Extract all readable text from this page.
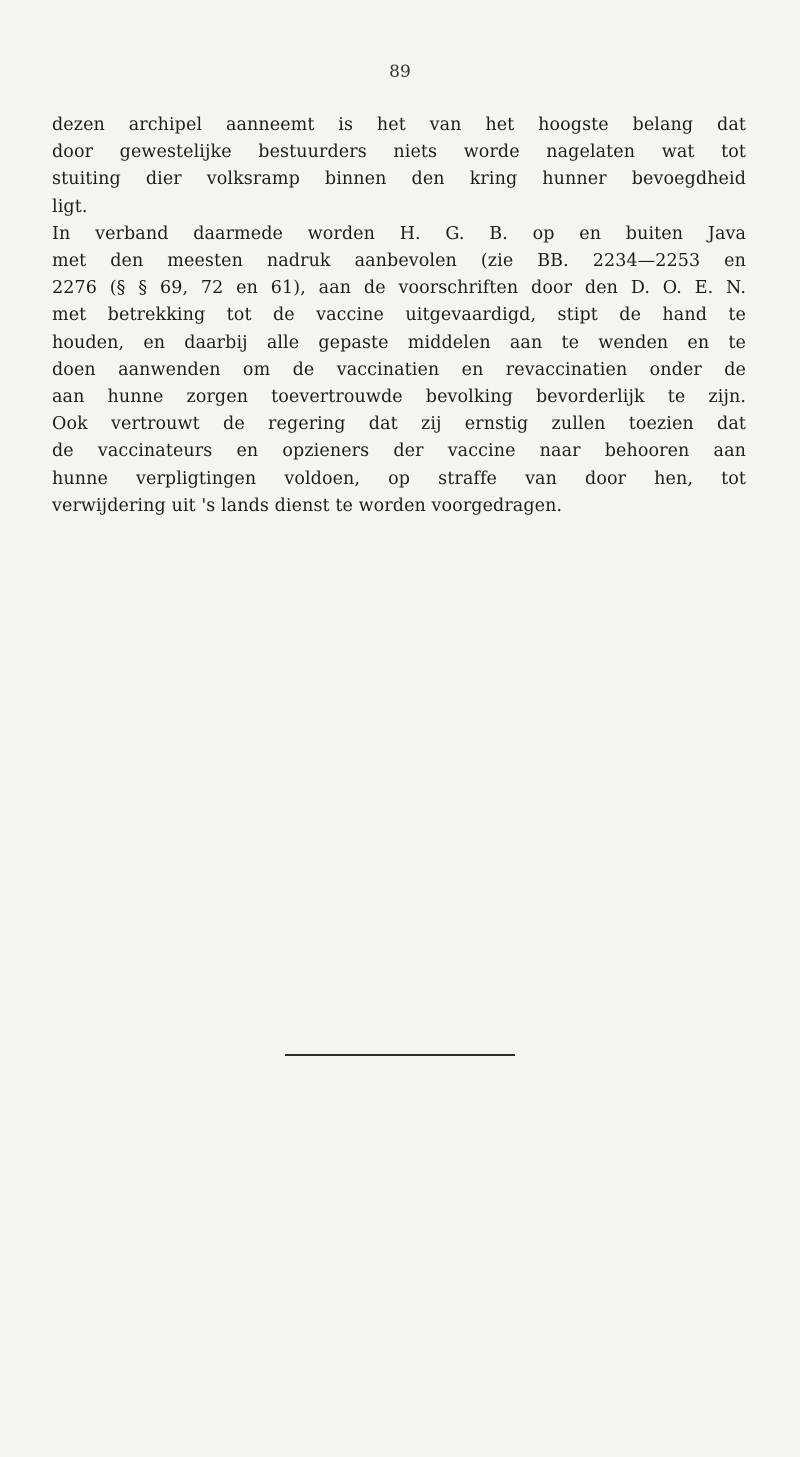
89
dezen archipel aanneemt is het van het hoogste belang dat
door gewestelijke bestuurders niets worde nagelaten wat tot
stuiting dier volksramp binnen den kring hunner bevoegdheid
ligt.
In verband daarmede worden H. G. B. op en buiten Java
met den meesten nadruk aanbevolen (zie BB. 2234—2253 en
2276 (§ § 69, 72 en 61), aan de voorschriften door den D. O. E. N.
met betrekking tot de vaccine uitgevaardigd, stipt de hand te
houden, en daarbij alle gepaste middelen aan te wenden en te
doen aanwenden om de vaccinatien en revaccinatien onder de
aan hunne zorgen toevertrouwde bevolking bevorderlijk te zijn.
Ook vertrouwt de regering dat zij ernstig zullen toezien dat
de vaccinateurs en opzieners der vaccine naar behooren aan
hunne verpligtingen voldoen, op straffe van door hen, tot
verwijdering uit 's lands dienst te worden voorgedragen.
